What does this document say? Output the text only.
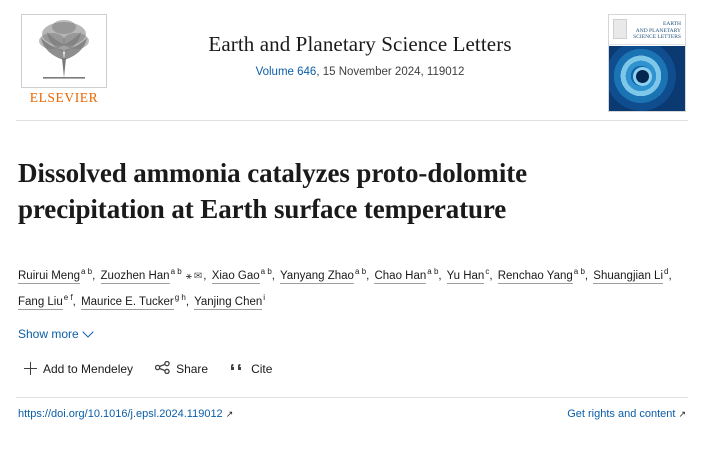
ELSEVIER
Earth and Planetary Science Letters
Volume 646, 15 November 2024, 119012
EARTH
AND PLANETARY
SCIENCE LETTERS
Dissolved ammonia catalyzes proto-dolomite precipitation at Earth surface temperature
Ruirui Meng$^{a b}$, Zuozhen Han$^{a b}$ ⚹ ✉, Xiao Gao$^{a b}$, Yanyang Zhao$^{a b}$, Chao Han$^{a b}$, Yu Han$^c$, Renchao Yang$^{a b}$, Shuangjian Li$^d$, Fang Liu$^{e f}$, Maurice E. Tucker$^{g h}$, Yanjing Chen$^i$
Show more
Add to Mendeley	Share	Cite
https://doi.org/10.1016/j.epsl.2024.119012 ↗	Get rights and content ↗
